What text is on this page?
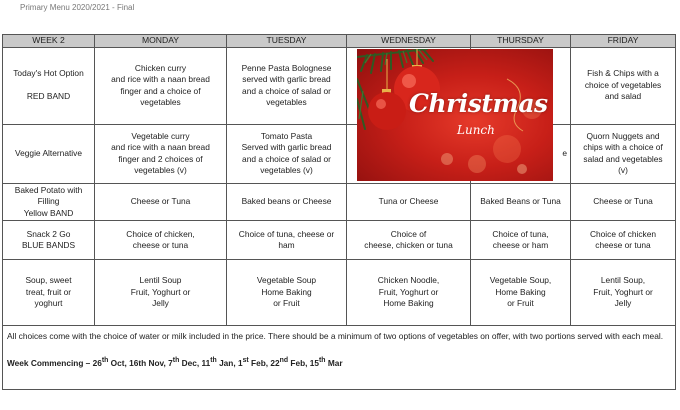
Primary Menu 2020/2021 - Final
WEEK 2	MONDAY	TUESDAY	WEDNESDAY	THURSDAY	FRIDAY
Today's Hot Option

RED BAND	Chicken curry
and rice with a naan bread
finger and a choice of
vegetables	Penne Pasta Bolognese
served with garlic bread
and a choice of salad or
vegetables			Fish & Chips with a
choice of vegetables
and salad
Veggie Alternative	Vegetable curry
and rice with a naan bread
finger and 2 choices of
vegetables (v)	Tomato Pasta
Served with garlic bread
and a choice of salad or
vegetables (v)		e	Quorn Nuggets and
chips with a choice of
salad and vegetables
(v)
Baked Potato with
Filling
Yellow BAND	Cheese or Tuna	Baked beans or Cheese	Tuna or Cheese	Baked Beans or Tuna	Cheese or Tuna
Snack 2 Go
BLUE BANDS	Choice of chicken,
cheese or tuna	Choice of tuna, cheese or
ham	Choice of
cheese, chicken or tuna	Choice of tuna,
cheese or ham	Choice of chicken
cheese or tuna
Soup, sweet
treat, fruit or
yoghurt	Lentil Soup
Fruit, Yoghurt or
Jelly	Vegetable Soup
Home Baking
or Fruit	Chicken Noodle,
Fruit, Yoghurt or
Home Baking	Vegetable Soup,
Home Baking
or Fruit	Lentil Soup,
Fruit, Yoghurt or
Jelly

All choices come with the choice of water or milk included in the price. There should be a minimum of two options of vegetables on offer, with two portions served with each meal.
Week Commencing – 26th Oct, 16th Nov, 7th Dec, 11th Jan, 1st Feb, 22nd Feb, 15th Mar					
Christmas
Lunch
